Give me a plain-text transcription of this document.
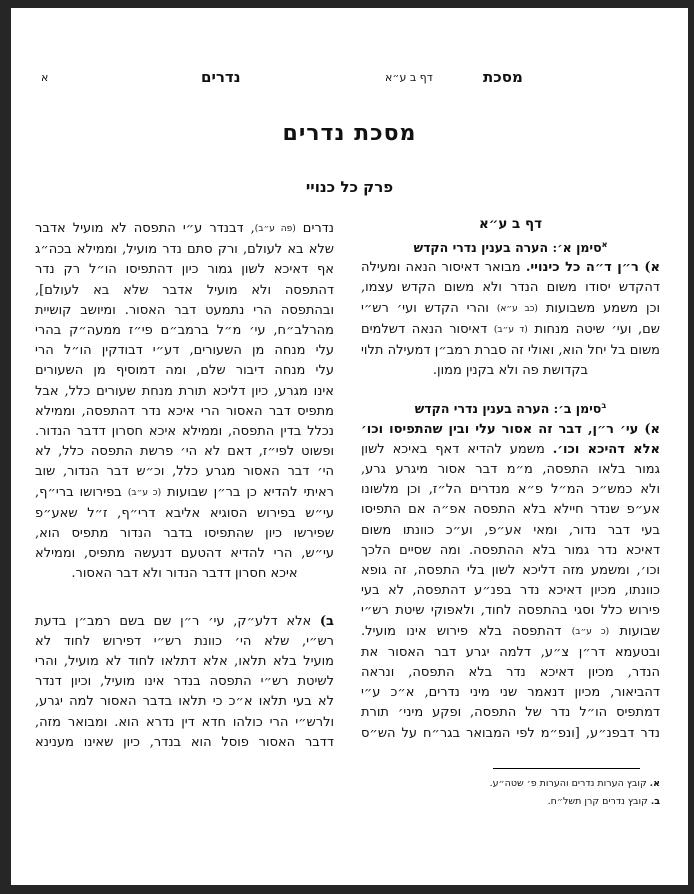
מסכת
דף ב ע״א
נדרים
א
מסכת נדרים
פרק כל כנויי
דף ב ע״א
$^א$סימן א׳: הערה בענין נדרי הקדש
א) ר״ן ד״ה כל כינויי. מבואר דאיסור הנאה ומעילה
דהקדש יסודו משום הנדר ולא משום הקדש עצמו,
וכן משמע משבועות (כב ע״א) והרי הקדש ועי׳ רש״י
שם, ועי׳ שיטה מנחות (ד ע״ב) דאיסור הנאה דשלמים
משום בל יחל הוא, ואולי זה סברת רמב״ן דמעילה תלוי
בקדושת פה ולא בקנין ממון.
$^ב$סימן ב׳: הערה בענין נדרי הקדש
א) עי׳ ר״ן, דבר זה אסור עלי ובין שהתפיסו וכו׳
אלא דהיכא וכו׳. משמע להדיא דאף באיכא לשון
גמור בלאו התפסה, מ״מ דבר אסור מיגרע גרע,
ולא כמש״כ המ״ל פ״א מנדרים הל״ז, וכן מלשונו
אע״פ שנדר חיילא בלא התפסה אפ״ה אם התפיסו
בעי דבר נדור, ומאי אע״פ, וע״כ כוונתו משום
דאיכא נדר גמור בלא ההתפסה. ומה שסיים הלכך
וכו׳, ומשמע מזה דליכא לשון בלי התפסה, זה גופא
כוונתו, מכיון דאיכא נדר בפנ״ע דהתפסה, לא בעי
פירוש כלל וסגי בהתפסה לחוד, ולאפוקי שיטת רש״י
שבועות (כ ע״ב) דהתפסה בלא פירוש אינו מועיל.
ובטעמא דר״ן צ״ע, דלמה יגרע דבר האסור את
הנדר, מכיון דאיכא נדר בלא התפסה, ונראה
דהביאור, מכיון דנאמר שני מיני נדרים, א״כ ע״י
דמתפיס הו״ל נדר של התפסה, ופקע מיני׳ תורת
נדר דבפנ״ע, [ונפ״מ לפי המבואר בגר״ח על הש״ס
נדרים (פה ע״ב), דבנדר ע״י התפסה לא מועיל אדבר
שלא בא לעולם, ורק סתם נדר מועיל, וממילא בכה״ג
אף דאיכא לשון גמור כיון דהתפיסו הו״ל רק נדר
דהתפסה ולא מועיל אדבר שלא בא לעולם],
ובהתפסה הרי נתמעט דבר האסור. ומיושב קושיית
מהרלב״ח, עי׳ מ״ל ברמב״ם פי״ז ממעה״ק בהרי
עלי מנחה מן השעורים, דע״י דבודקין הו״ל הרי
עלי מנחה דיבור שלם, ומה דמוסיף מן השעורים
אינו מגרע, כיון דליכא תורת מנחת שעורים כלל, אבל
מתפיס דבר האסור הרי איכא נדר דהתפסה, וממילא
נכלל בדין התפסה, וממילא איכא חסרון דדבר הנדור.
ופשוט לפי״ז, דאם לא הי׳ פרשת התפסה כלל, לא
הי׳ דבר האסור מגרע כלל, וכ״ש דבר הנדור, שוב
ראיתי להדיא כן בר״ן שבועות (כ ע״ב) בפירושו ברי״ף,
עי״ש בפירוש הסוגיא אליבא דרי״ף, ז״ל שאע״פ
שפירשו כיון שהתפיסו בדבר הנדור מתפיס הוא,
עי״ש, הרי להדיא דהטעם דנעשה מתפיס, וממילא
איכא חסרון דדבר הנדור ולא דבר האסור.
ב) אלא דלע״ק, עי׳ ר״ן שם בשם רמב״ן בדעת
רש״י, שלא הי׳ כוונת רש״י דפירוש לחוד לא
מועיל בלא תלאו, אלא דתלאו לחוד לא מועיל, והרי
לשיטת רש״י התפסה בנדר אינו מועיל, וכיון דנדר
לא בעי תלאו א״כ כי תלאו בדבר האסור למה יגרע,
ולרש״י הרי כולהו חדא דין נדרא הוא. ומבואר מזה,
דדבר האסור פוסל הוא בנדר, כיון שאינו מענינא
א. קובץ הערות נדרים והערות פ׳ שטה״ע.
ב. קובץ נדרים קרן תשל״ח.
